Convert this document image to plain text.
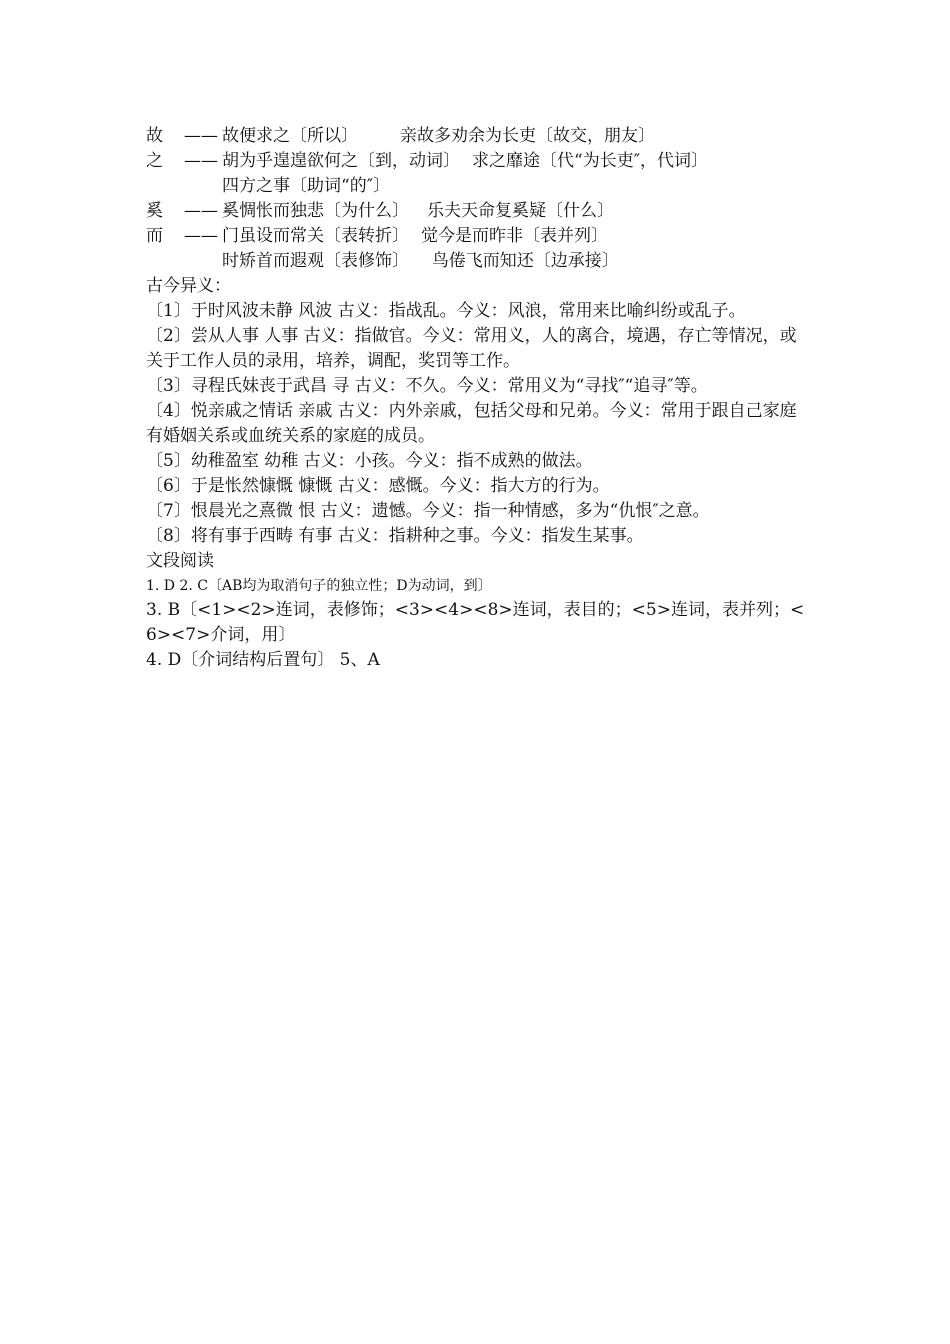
故	—— 故便求之〔所以〕 亲故多劝余为长吏〔故交，朋友〕
之	—— 胡为乎遑遑欲何之〔到，动词〕 求之靡途〔代“为长吏″，代词〕
四方之事〔助词“的″〕
奚	—— 奚惆怅而独悲〔为什么〕 乐夫天命复奚疑〔什么〕
而	—— 门虽设而常关〔表转折〕 觉今是而昨非〔表并列〕
时矫首而遐观〔表修饰〕 鸟倦飞而知还〔边承接〕
古今异义：
〔1〕于时风波未静 风波 古义：指战乱。今义：风浪，常用来比喻纠纷或乱子。
〔2〕尝从人事 人事 古义：指做官。今义：常用义，人的离合，境遇，存亡等情况，或关于工作人员的录用，培养，调配，奖罚等工作。
〔3〕寻程氏妹丧于武昌 寻 古义：不久。今义：常用义为“寻找″“追寻″等。
〔4〕悦亲戚之情话 亲戚 古义：内外亲戚，包括父母和兄弟。今义：常用于跟自己家庭有婚姻关系或血统关系的家庭的成员。
〔5〕幼稚盈室 幼稚 古义：小孩。今义：指不成熟的做法。
〔6〕于是怅然慷慨 慷慨 古义：感慨。今义：指大方的行为。
〔7〕恨晨光之熹微 恨 古义：遗憾。今义：指一种情感，多为“仇恨″之意。
〔8〕将有事于西畴 有事 古义：指耕种之事。今义：指发生某事。
文段阅读
1. D 2. C〔AB均为取消句子的独立性；D为动词，到〕
3. B〔<1><2>连词，表修饰；<3><4><8>连词，表目的；<5>连词，表并列；<6><7>介词，用〕
4. D〔介词结构后置句〕 5、A
